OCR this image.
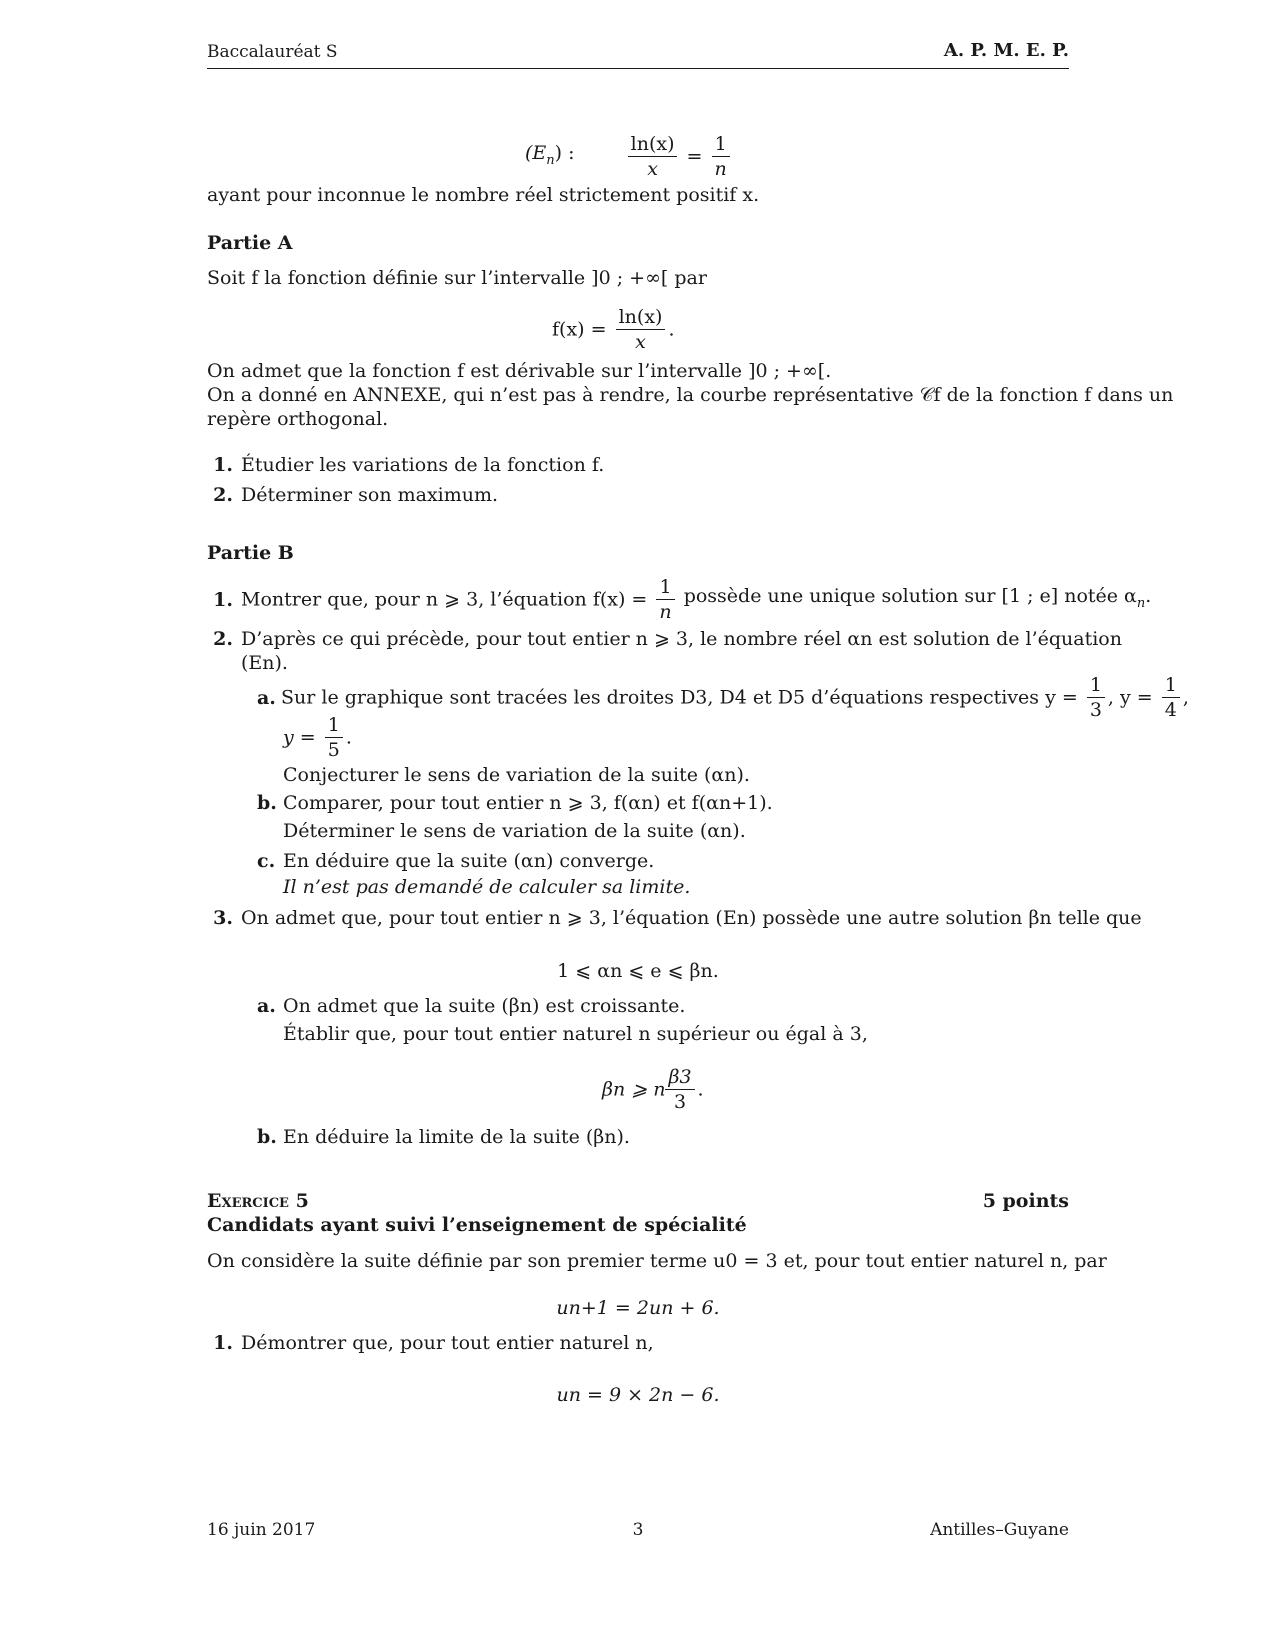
Baccalauréat S	A. P. M. E. P.
$(E_n)$ :	$\frac{\ln(x)}{x} = \frac{1}{n}$
ayant pour inconnue le nombre réel strictement positif x.
Partie A
Soit f la fonction définie sur l’intervalle ]0 ; +∞[ par
$f(x) = \frac{\ln(x)}{x}$ .
On admet que la fonction f est dérivable sur l’intervalle ]0 ; +∞[.
On a donné en ANNEXE, qui n’est pas à rendre, la courbe représentative 𝒞f de la fonction f dans un
repère orthogonal.
1. Étudier les variations de la fonction f.
2. Déterminer son maximum.
Partie B
1. Montrer que, pour n ⩾ 3, l’équation $f(x) = \frac{1}{n}$ possède une unique solution sur [1 ; e] notée $\alpha_n$.
2. D’après ce qui précède, pour tout entier n ⩾ 3, le nombre réel αn est solution de l’équation
(En).
a. Sur le graphique sont tracées les droites D3, D4 et D5 d’équations respectives $y = \frac{1}{3}$ , $y = \frac{1}{4}$ ,
$y = \frac{1}{5}$ .
Conjecturer le sens de variation de la suite (αn).
b. Comparer, pour tout entier n ⩾ 3, f(αn) et f(αn+1).
Déterminer le sens de variation de la suite (αn).
c. En déduire que la suite (αn) converge.
Il n’est pas demandé de calculer sa limite.
3. On admet que, pour tout entier n ⩾ 3, l’équation (En) possède une autre solution βn telle que
1 ⩽ αn ⩽ e ⩽ βn.
a. On admet que la suite (βn) est croissante.
Établir que, pour tout entier naturel n supérieur ou égal à 3,
βn ⩾ n $\frac{\beta 3}{3}$ .
b. En déduire la limite de la suite (βn).
Exercice 5	5 points
Candidats ayant suivi l’enseignement de spécialité
On considère la suite définie par son premier terme u0 = 3 et, pour tout entier naturel n, par
un+1 = 2un + 6.
1. Démontrer que, pour tout entier naturel n,
un = 9 × 2n − 6.
16 juin 2017	3	Antilles–Guyane
